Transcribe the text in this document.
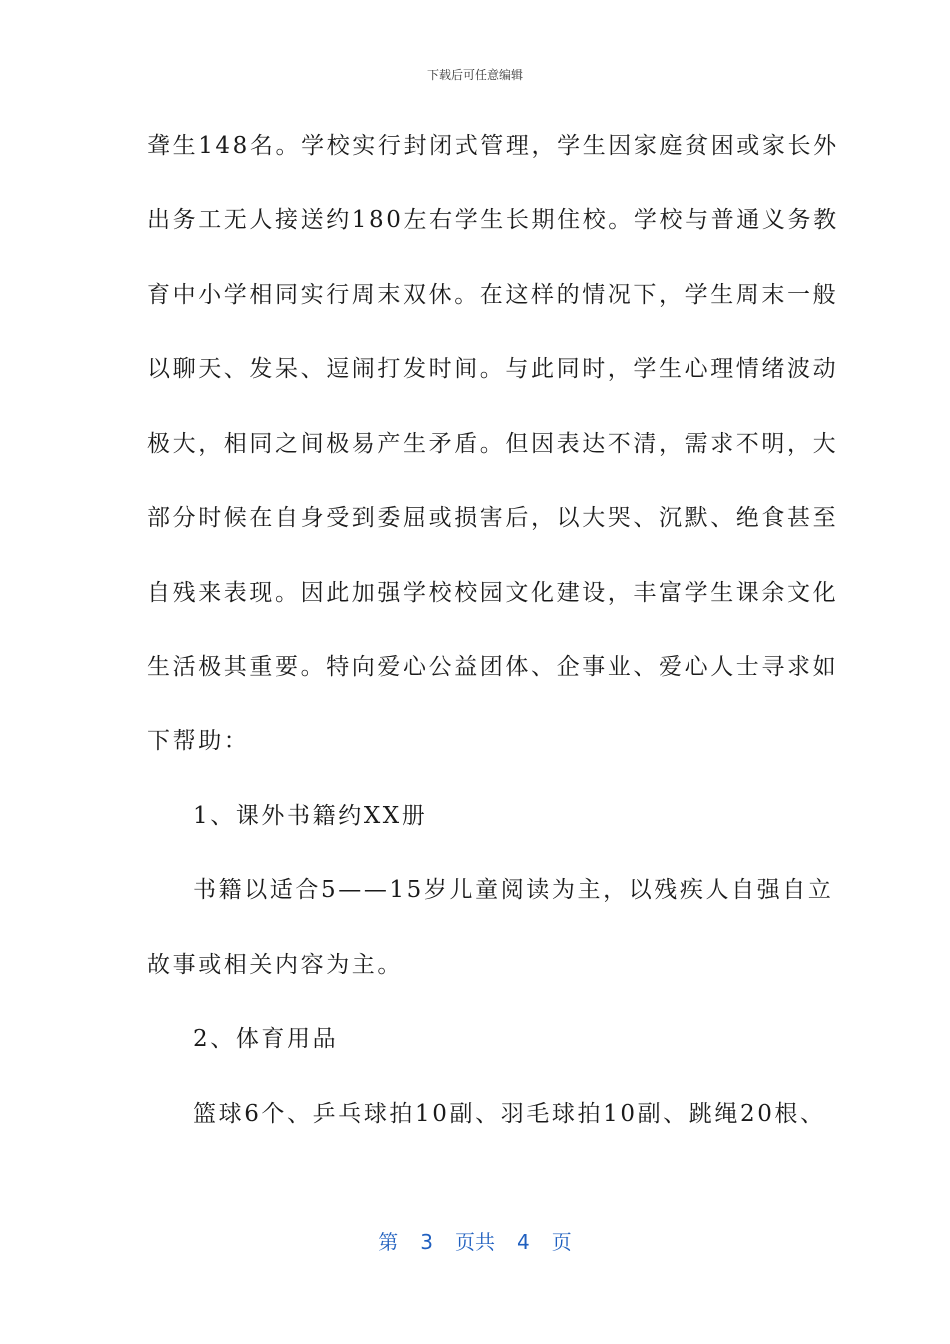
下载后可任意编辑
聋生148名。学校实行封闭式管理，学生因家庭贫困或家长外
出务工无人接送约180左右学生长期住校。学校与普通义务教
育中小学相同实行周末双休。在这样的情况下，学生周末一般
以聊天、发呆、逗闹打发时间。与此同时，学生心理情绪波动
极大，相同之间极易产生矛盾。但因表达不清，需求不明，大
部分时候在自身受到委屈或损害后，以大哭、沉默、绝食甚至
自残来表现。因此加强学校校园文化建设，丰富学生课余文化
生活极其重要。特向爱心公益团体、企事业、爱心人士寻求如
下帮助：
1、课外书籍约XX册
书籍以适合5——15岁儿童阅读为主，以残疾人自强自立
故事或相关内容为主。
2、体育用品
篮球6个、乒乓球拍10副、羽毛球拍10副、跳绳20根、
第 3 页共 4 页
